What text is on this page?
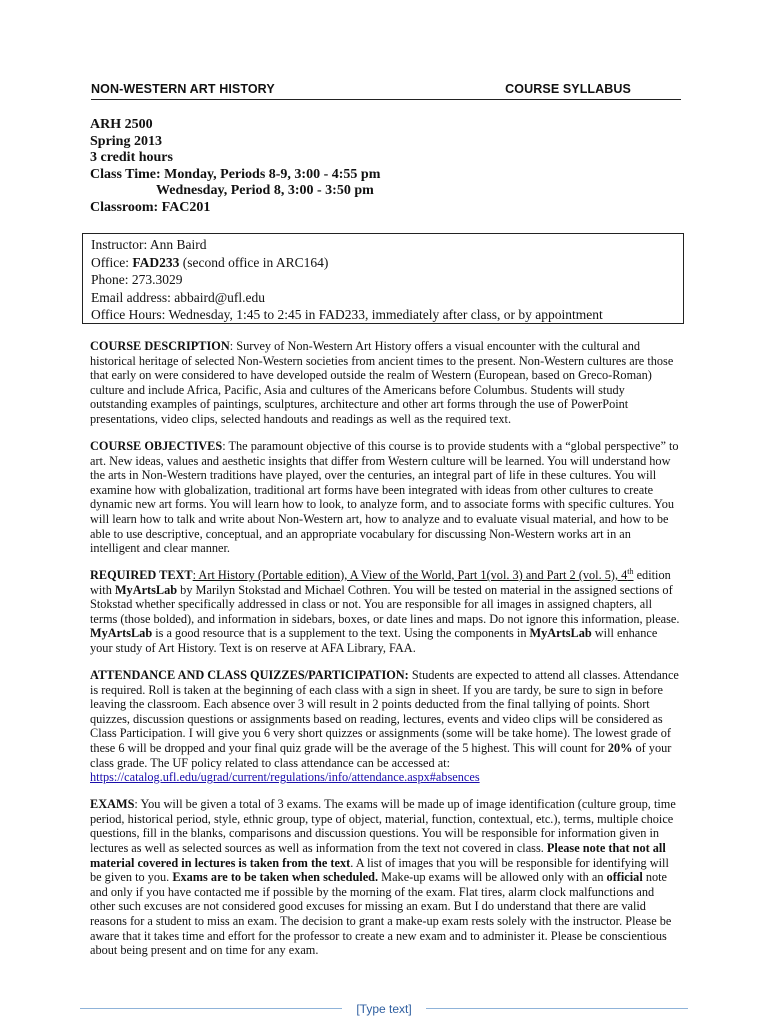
NON-WESTERN ART HISTORY	COURSE SYLLABUS
ARH 2500
Spring 2013
3 credit hours
Class Time: Monday, Periods 8-9, 3:00 - 4:55 pm
Wednesday, Period 8, 3:00 - 3:50 pm
Classroom: FAC201
Instructor: Ann Baird
Office: FAD233 (second office in ARC164)
Phone: 273.3029
Email address: abbaird@ufl.edu
Office Hours: Wednesday, 1:45 to 2:45 in FAD233, immediately after class, or by appointment

COURSE DESCRIPTION: Survey of Non-Western Art History offers a visual encounter with the cultural and historical heritage of selected Non-Western societies from ancient times to the present. Non-Western cultures are those that early on were considered to have developed outside the realm of Western (European, based on Greco-Roman) culture and include Africa, Pacific, Asia and cultures of the Americans before Columbus. Students will study outstanding examples of paintings, sculptures, architecture and other art forms through the use of PowerPoint presentations, video clips, selected handouts and readings as well as the required text.

COURSE OBJECTIVES: The paramount objective of this course is to provide students with a “global perspective” to art. New ideas, values and aesthetic insights that differ from Western culture will be learned. You will understand how the arts in Non-Western traditions have played, over the centuries, an integral part of life in these cultures. You will examine how with globalization, traditional art forms have been integrated with ideas from other cultures to create dynamic new art forms. You will learn how to look, to analyze form, and to associate forms with specific cultures. You will learn how to talk and write about Non-Western art, how to analyze and to evaluate visual material, and how to be able to use descriptive, conceptual, and an appropriate vocabulary for discussing Non-Western works art in an intelligent and clear manner.

REQUIRED TEXT: Art History (Portable edition), A View of the World, Part 1(vol. 3) and Part 2 (vol. 5), 4th edition with MyArtsLab by Marilyn Stokstad and Michael Cothren. You will be tested on material in the assigned sections of Stokstad whether specifically addressed in class or not. You are responsible for all images in assigned chapters, all terms (those bolded), and information in sidebars, boxes, or date lines and maps. Do not ignore this information, please. MyArtsLab is a good resource that is a supplement to the text. Using the components in MyArtsLab will enhance your study of Art History. Text is on reserve at AFA Library, FAA.

ATTENDANCE AND CLASS QUIZZES/PARTICIPATION: Students are expected to attend all classes. Attendance is required. Roll is taken at the beginning of each class with a sign in sheet. If you are tardy, be sure to sign in before leaving the classroom. Each absence over 3 will result in 2 points deducted from the final tallying of points. Short quizzes, discussion questions or assignments based on reading, lectures, events and video clips will be considered as Class Participation. I will give you 6 very short quizzes or assignments (some will be take home). The lowest grade of these 6 will be dropped and your final quiz grade will be the average of the 5 highest. This will count for 20% of your class grade. The UF policy related to class attendance can be accessed at: https://catalog.ufl.edu/ugrad/current/regulations/info/attendance.aspx#absences

EXAMS: You will be given a total of 3 exams. The exams will be made up of image identification (culture group, time period, historical period, style, ethnic group, type of object, material, function, contextual, etc.), terms, multiple choice questions, fill in the blanks, comparisons and discussion questions. You will be responsible for information given in lectures as well as selected sources as well as information from the text not covered in class. Please note that not all material covered in lectures is taken from the text. A list of images that you will be responsible for identifying will be given to you. Exams are to be taken when scheduled. Make-up exams will be allowed only with an official note and only if you have contacted me if possible by the morning of the exam. Flat tires, alarm clock malfunctions and other such excuses are not considered good excuses for missing an exam. But I do understand that there are valid reasons for a student to miss an exam. The decision to grant a make-up exam rests solely with the instructor. Please be aware that it takes time and effort for the professor to create a new exam and to administer it. Please be conscientious about being present and on time for any exam.

[Type text]
